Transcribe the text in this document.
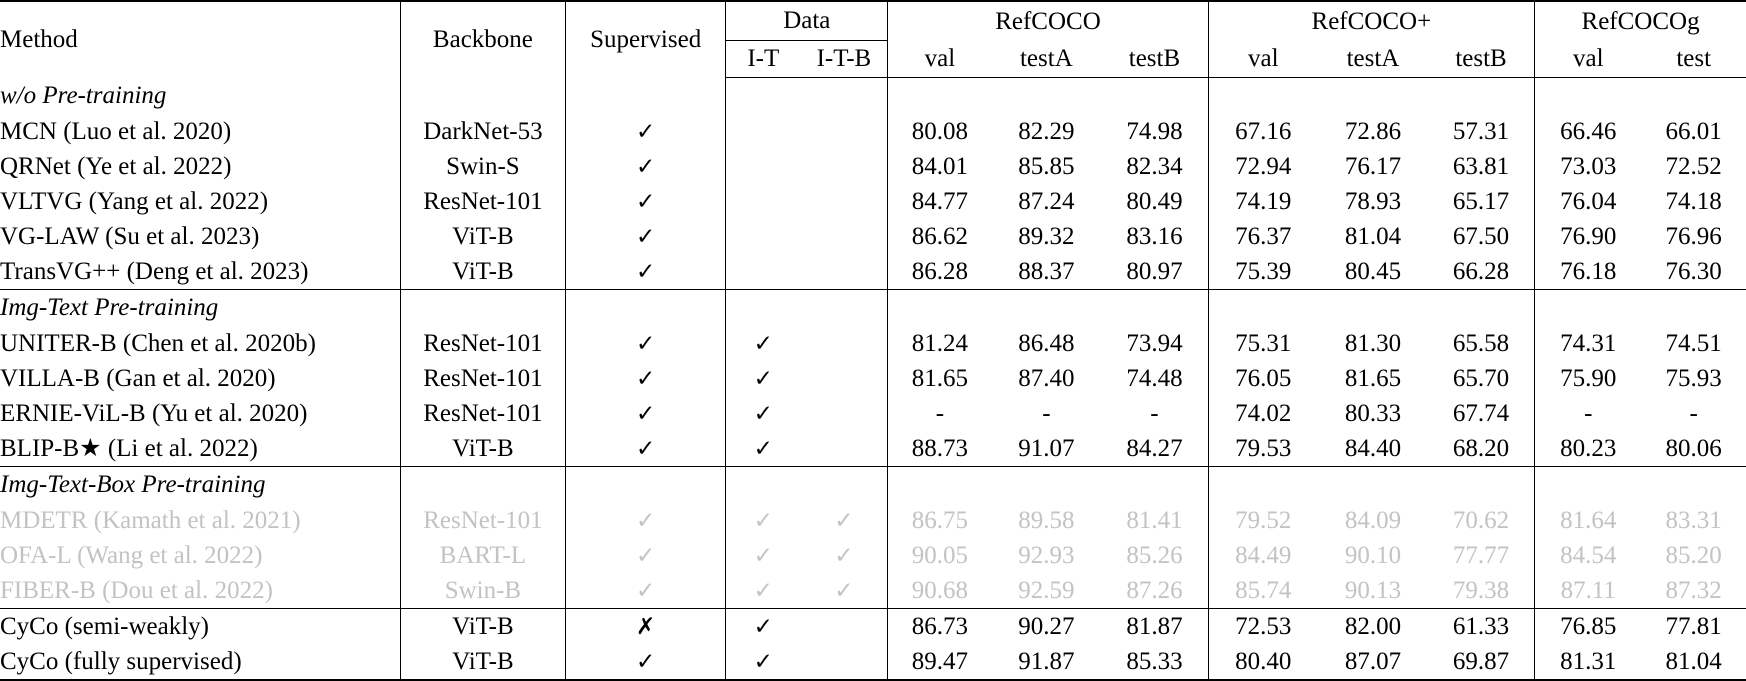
Method	Backbone	Supervised	Data		RefCOCO			RefCOCO+			RefCOCOg	
			I-T	I-T-B	val	testA	testB	val	testA	testB	val	test
w/o Pre-training												
MCN (Luo et al. 2020)	DarkNet-53	✓			80.08	82.29	74.98	67.16	72.86	57.31	66.46	66.01
QRNet (Ye et al. 2022)	Swin-S	✓			84.01	85.85	82.34	72.94	76.17	63.81	73.03	72.52
VLTVG (Yang et al. 2022)	ResNet-101	✓			84.77	87.24	80.49	74.19	78.93	65.17	76.04	74.18
VG-LAW (Su et al. 2023)	ViT-B	✓			86.62	89.32	83.16	76.37	81.04	67.50	76.90	76.96
TransVG++ (Deng et al. 2023)	ViT-B	✓			86.28	88.37	80.97	75.39	80.45	66.28	76.18	76.30
Img-Text Pre-training												
UNITER-B (Chen et al. 2020b)	ResNet-101	✓	✓		81.24	86.48	73.94	75.31	81.30	65.58	74.31	74.51
VILLA-B (Gan et al. 2020)	ResNet-101	✓	✓		81.65	87.40	74.48	76.05	81.65	65.70	75.90	75.93
ERNIE-ViL-B (Yu et al. 2020)	ResNet-101	✓	✓		-	-	-	74.02	80.33	67.74	-	-
BLIP-B★ (Li et al. 2022)	ViT-B	✓	✓		88.73	91.07	84.27	79.53	84.40	68.20	80.23	80.06
Img-Text-Box Pre-training												
MDETR (Kamath et al. 2021)	ResNet-101	✓	✓	✓	86.75	89.58	81.41	79.52	84.09	70.62	81.64	83.31
OFA-L (Wang et al. 2022)	BART-L	✓	✓	✓	90.05	92.93	85.26	84.49	90.10	77.77	84.54	85.20
FIBER-B (Dou et al. 2022)	Swin-B	✓	✓	✓	90.68	92.59	87.26	85.74	90.13	79.38	87.11	87.32
CyCo (semi-weakly)	ViT-B	✗	✓		86.73	90.27	81.87	72.53	82.00	61.33	76.85	77.81
CyCo (fully supervised)	ViT-B	✓	✓		89.47	91.87	85.33	80.40	87.07	69.87	81.31	81.04
